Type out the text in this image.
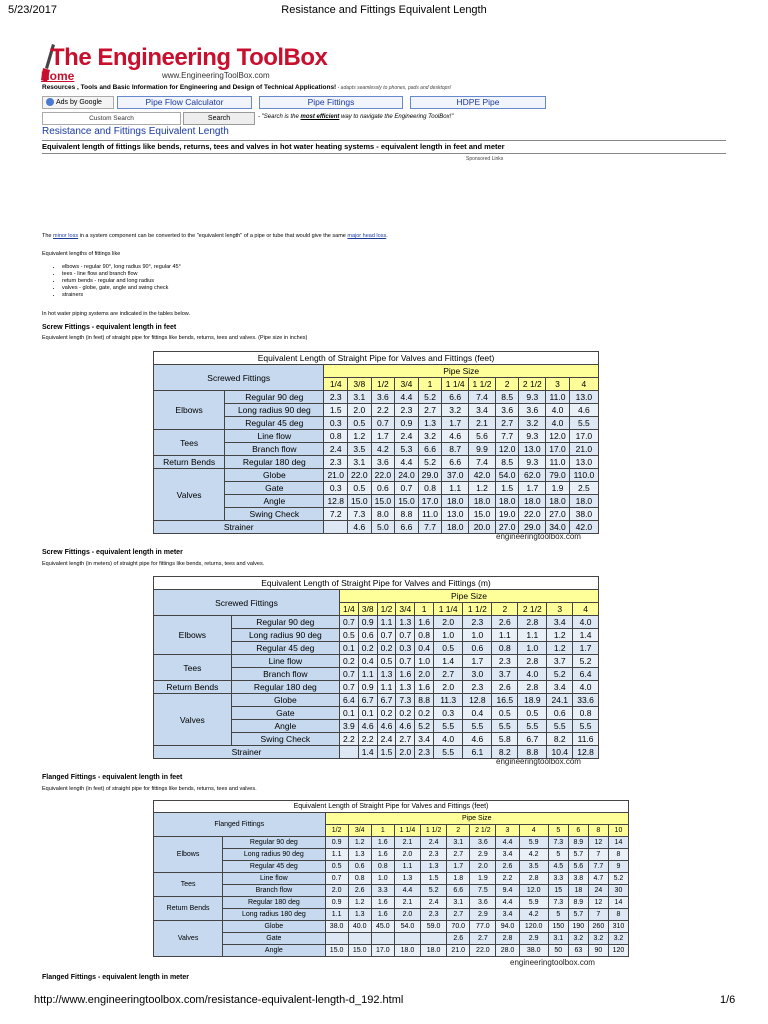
5/23/2017	Resistance and Fittings Equivalent Length
The Engineering ToolBox
Home	www.EngineeringToolBox.com
Resources , Tools and Basic Information for Engineering and Design of Technical Applications! - adapts seamlessly to phones, pads and desktops!
Ads by Google	Pipe Flow Calculator	Pipe Fittings	HDPE Pipe
Custom Search	Search	- "Search is the most efficient way to navigate the Engineering ToolBox!"
Resistance and Fittings Equivalent Length
Equivalent length of fittings like bends, returns, tees and valves in hot water heating systems - equivalent length in feet and meter
Sponsored Links
The minor loss in a system component can be converted to the "equivalent length" of a pipe or tube that would give the same major head loss.
Equivalent lengths of fittings like
• elbows - regular 90°, long radius 90°, regular 45°
• tees - line flow and branch flow
• return bends - regular and long radius
• valves - globe, gate, angle and swing check
• strainers
In hot water piping systems are indicated in the tables below.
Screw Fittings - equivalent length in feet
Equivalent length (in feet) of straight pipe for fittings like bends, returns, tees and valves. (Pipe size in inches)
Equivalent Length of Straight Pipe for Valves and Fittings (feet)												
Screwed Fittings		Pipe Size										
		1/4	3/8	1/2	3/4	1	1 1/4	1 1/2	2	2 1/2	3	4
Elbows	Regular 90 deg	2.3	3.1	3.6	4.4	5.2	6.6	7.4	8.5	9.3	11.0	13.0
	Long radius 90 deg	1.5	2.0	2.2	2.3	2.7	3.2	3.4	3.6	3.6	4.0	4.6
	Regular 45 deg	0.3	0.5	0.7	0.9	1.3	1.7	2.1	2.7	3.2	4.0	5.5
Tees	Line flow	0.8	1.2	1.7	2.4	3.2	4.6	5.6	7.7	9.3	12.0	17.0
	Branch flow	2.4	3.5	4.2	5.3	6.6	8.7	9.9	12.0	13.0	17.0	21.0
Return Bends	Regular 180 deg	2.3	3.1	3.6	4.4	5.2	6.6	7.4	8.5	9.3	11.0	13.0
Valves	Globe	21.0	22.0	22.0	24.0	29.0	37.0	42.0	54.0	62.0	79.0	110.0
	Gate	0.3	0.5	0.6	0.7	0.8	1.1	1.2	1.5	1.7	1.9	2.5
	Angle	12.8	15.0	15.0	15.0	17.0	18.0	18.0	18.0	18.0	18.0	18.0
	Swing Check	7.2	7.3	8.0	8.8	11.0	13.0	15.0	19.0	22.0	27.0	38.0
Strainer			4.6	5.0	6.6	7.7	18.0	20.0	27.0	29.0	34.0	42.0
engineeringtoolbox.com
Screw Fittings - equivalent length in meter
Equivalent length (in meters) of straight pipe for fittings like bends, returns, tees and valves.
Equivalent Length of Straight Pipe for Valves and Fittings (m)												
Screwed Fittings		Pipe Size										
		1/4	3/8	1/2	3/4	1	1 1/4	1 1/2	2	2 1/2	3	4
Elbows	Regular 90 deg	0.7	0.9	1.1	1.3	1.6	2.0	2.3	2.6	2.8	3.4	4.0
	Long radius 90 deg	0.5	0.6	0.7	0.7	0.8	1.0	1.0	1.1	1.1	1.2	1.4
	Regular 45 deg	0.1	0.2	0.2	0.3	0.4	0.5	0.6	0.8	1.0	1.2	1.7
Tees	Line flow	0.2	0.4	0.5	0.7	1.0	1.4	1.7	2.3	2.8	3.7	5.2
	Branch flow	0.7	1.1	1.3	1.6	2.0	2.7	3.0	3.7	4.0	5.2	6.4
Return Bends	Regular 180 deg	0.7	0.9	1.1	1.3	1.6	2.0	2.3	2.6	2.8	3.4	4.0
Valves	Globe	6.4	6.7	6.7	7.3	8.8	11.3	12.8	16.5	18.9	24.1	33.6
	Gate	0.1	0.1	0.2	0.2	0.2	0.3	0.4	0.5	0.5	0.6	0.8
	Angle	3.9	4.6	4.6	4.6	5.2	5.5	5.5	5.5	5.5	5.5	5.5
	Swing Check	2.2	2.2	2.4	2.7	3.4	4.0	4.6	5.8	6.7	8.2	11.6
Strainer			1.4	1.5	2.0	2.3	5.5	6.1	8.2	8.8	10.4	12.8
engineeringtoolbox.com
Flanged Fittings - equivalent length in feet
Equivalent length (in feet) of straight pipe for fittings like bends, returns, tees and valves.
Equivalent Length of Straight Pipe for Valves and Fittings (feet)														
Flanged Fittings		Pipe Size												
		1/2	3/4	1	1 1/4	1 1/2	2	2 1/2	3	4	5	6	8	10
Elbows	Regular 90 deg	0.9	1.2	1.6	2.1	2.4	3.1	3.6	4.4	5.9	7.3	8.9	12	14
	Long radius 90 deg	1.1	1.3	1.6	2.0	2.3	2.7	2.9	3.4	4.2	5	5.7	7	8
	Regular 45 deg	0.5	0.6	0.8	1.1	1.3	1.7	2.0	2.6	3.5	4.5	5.6	7.7	9
Tees	Line flow	0.7	0.8	1.0	1.3	1.5	1.8	1.9	2.2	2.8	3.3	3.8	4.7	5.2
	Branch flow	2.0	2.6	3.3	4.4	5.2	6.6	7.5	9.4	12.0	15	18	24	30
Return Bends	Regular 180 deg	0.9	1.2	1.6	2.1	2.4	3.1	3.6	4.4	5.9	7.3	8.9	12	14
	Long radius 180 deg	1.1	1.3	1.6	2.0	2.3	2.7	2.9	3.4	4.2	5	5.7	7	8
Valves	Globe	38.0	40.0	45.0	54.0	59.0	70.0	77.0	94.0	120.0	150	190	260	310
	Gate						2.6	2.7	2.8	2.9	3.1	3.2	3.2	3.2
	Angle	15.0	15.0	17.0	18.0	18.0	21.0	22.0	28.0	38.0	50	63	90	120
engineeringtoolbox.com
Flanged Fittings - equivalent length in meter
http://www.engineeringtoolbox.com/resistance-equivalent-length-d_192.html	1/6
